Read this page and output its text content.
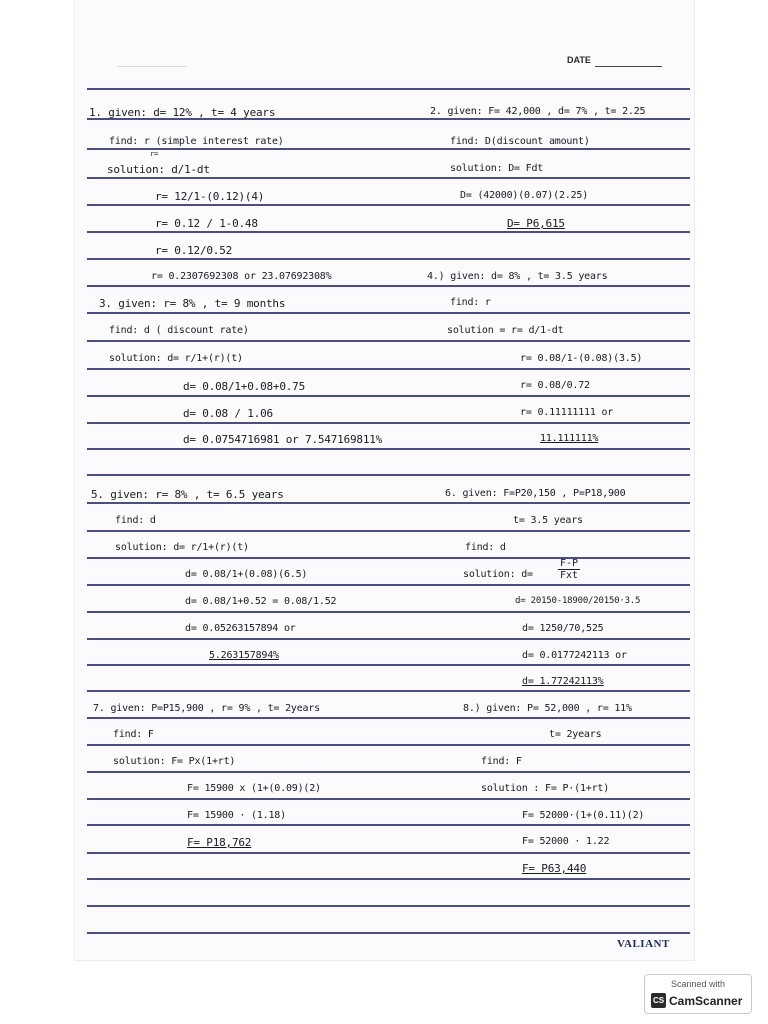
DATE
1. given: d= 12% , t= 4 years
find: r (simple interest rate)
r=
solution: d/1-dt
r= 12/1-(0.12)(4)
r= 0.12 / 1-0.48
r= 0.12/0.52
r= 0.2307692308 or 23.07692308%
2. given: F= 42,000 , d= 7% , t= 2.25
find: D(discount amount)
solution: D= Fdt
D= (42000)(0.07)(2.25)
D= P6,615
3. given: r= 8% , t= 9 months
find: d ( discount rate)
solution: d= r/1+(r)(t)
d= 0.08/1+0.08+0.75
d= 0.08 / 1.06
d= 0.0754716981 or 7.547169811%
4.) given: d= 8% , t= 3.5 years
find: r
solution = r= d/1-dt
r= 0.08/1-(0.08)(3.5)
r= 0.08/0.72
r= 0.11111111 or
11.111111%
5. given: r= 8% , t= 6.5 years
find: d
solution: d= r/1+(r)(t)
d= 0.08/1+(0.08)(6.5)
d= 0.08/1+0.52 = 0.08/1.52
d= 0.05263157894 or
5.263157894%
6. given: F=P20,150 , P=P18,900
t= 3.5 years
find: d
solution: d=
F-P
Fxt
d= 20150-18900/20150·3.5
d= 1250/70,525
d= 0.0177242113 or
d= 1.77242113%
7. given: P=P15,900 , r= 9% , t= 2years
find: F
solution: F= Px(1+rt)
F= 15900 x (1+(0.09)(2)
F= 15900 · (1.18)
F= P18,762
8.) given: P= 52,000 , r= 11%
t= 2years
find: F
solution : F= P·(1+rt)
F= 52000·(1+(0.11)(2)
F= 52000 · 1.22
F= P63,440
VALIANT
Scanned with
CS CamScanner
